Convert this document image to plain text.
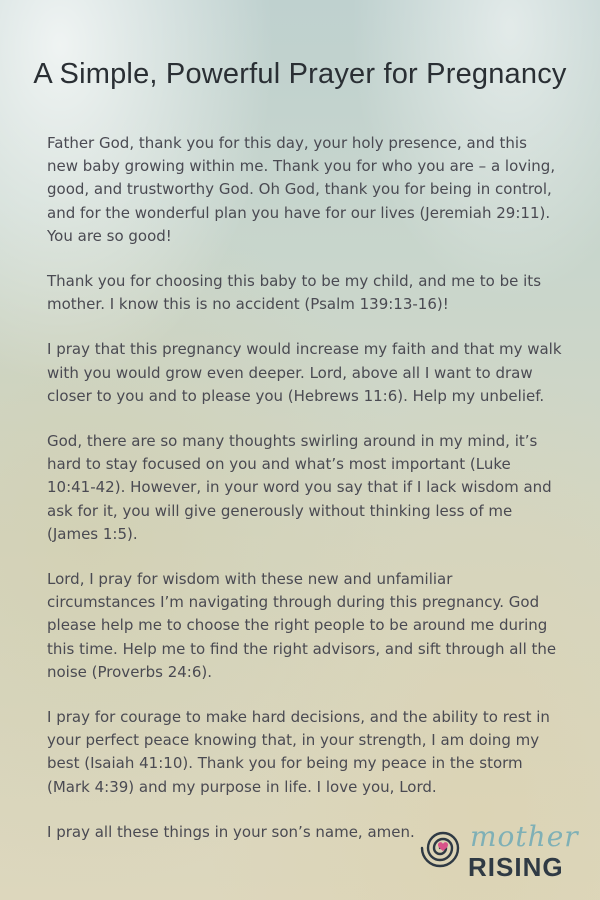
A Simple, Powerful Prayer for Pregnancy

Father God, thank you for this day, your holy presence, and this new baby growing within me. Thank you for who you are – a loving, good, and trustworthy God. Oh God, thank you for being in control, and for the wonderful plan you have for our lives (Jeremiah 29:11). You are so good!

Thank you for choosing this baby to be my child, and me to be its mother. I know this is no accident (Psalm 139:13-16)!

I pray that this pregnancy would increase my faith and that my walk with you would grow even deeper. Lord, above all I want to draw closer to you and to please you (Hebrews 11:6). Help my unbelief.

God, there are so many thoughts swirling around in my mind, it’s hard to stay focused on you and what’s most important (Luke 10:41-42). However, in your word you say that if I lack wisdom and ask for it, you will give generously without thinking less of me (James 1:5).

Lord, I pray for wisdom with these new and unfamiliar circumstances I’m navigating through during this pregnancy. God please help me to choose the right people to be around me during this time. Help me to find the right advisors, and sift through all the noise (Proverbs 24:6).

I pray for courage to make hard decisions, and the ability to rest in your perfect peace knowing that, in your strength, I am doing my best (Isaiah 41:10). Thank you for being my peace in the storm (Mark 4:39) and my purpose in life. I love you, Lord.

I pray all these things in your son’s name, amen.	mother
RISING
